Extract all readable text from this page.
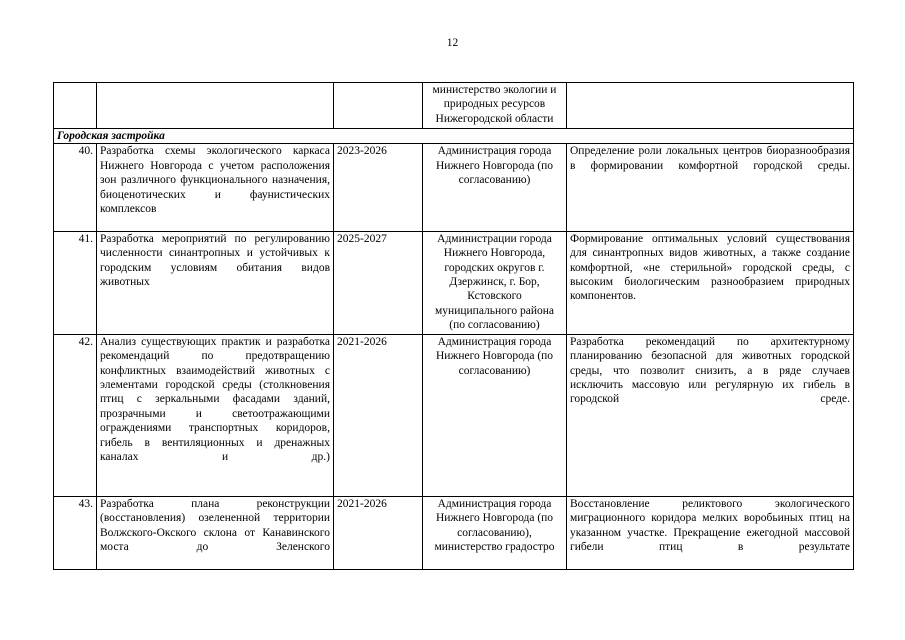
12
			министерство экологии и природных ресурсов Нижегородской области	
Городская застройка				
40.	Разработка схемы экологического каркаса Нижнего Новгорода с учетом расположения зон различного функционального назначения, биоценотических и фаунистических комплексов	2023-2026	Администрация города Нижнего Новгорода (по согласованию)	Определение роли локальных центров биоразнообразия в формировании комфортной городской среды.

41.	Разработка мероприятий по регулированию численности синантропных и устойчивых к городским условиям обитания видов животных	2025-2027	Администрации города Нижнего Новгорода, городских округов г. Дзержинск, г. Бор, Кстовского муниципального района (по согласованию)	Формирование оптимальных условий существования для синантропных видов животных, а также создание комфортной, «не стерильной» городской среды, с высоким биологическим разнообразием природных компонентов.

42.	Анализ существующих практик и разработка рекомендаций по предотвращению конфликтных взаимодействий животных с элементами городской среды (столкновения птиц с зеркальными фасадами зданий, прозрачными и светоотражающими ограждениями транспортных коридоров, гибель в вентиляционных и дренажных каналах и др.)	2021-2026	Администрация города Нижнего Новгорода (по согласованию)	Разработка рекомендаций по архитектурному планированию безопасной для животных городской среды, что позволит снизить, а в ряде случаев исключить массовую или регулярную их гибель в городской среде.

43.	Разработка плана реконструкции (восстановления) озелененной территории Волжского-Окского склона от Канавинского моста до Зеленского	2021-2026	Администрация города Нижнего Новгорода (по согласованию), министерство градостро	Восстановление реликтового экологического миграционного коридора мелких воробьиных птиц на указанном участке. Прекращение ежегодной массовой гибели птиц в результате
